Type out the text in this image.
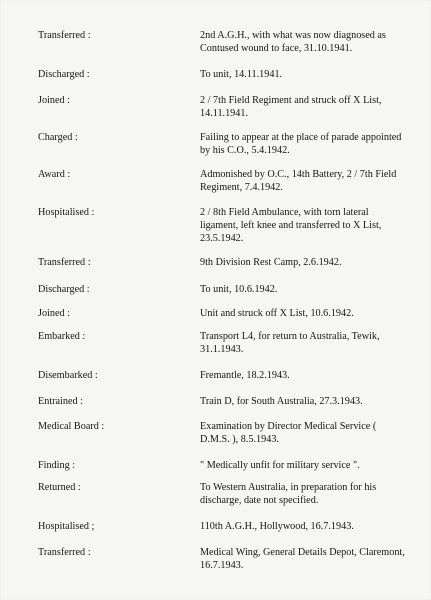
Transferred :	2nd A.G.H., with what was now diagnosed as Contused wound to face, 31.10.1941.
Discharged :	To unit, 14.11.1941.
Joined :	2 / 7th Field Regiment and struck off X List, 14.11.1941.
Charged :	Failing to appear at the place of parade appointed by his C.O., 5.4.1942.
Award :	Admonished by O.C., 14th Battery, 2 / 7th Field Regiment, 7.4.1942.
Hospitalised :	2 / 8th Field Ambulance, with torn lateral ligament, left knee and transferred to X List, 23.5.1942.
Transferred :	9th Division Rest Camp, 2.6.1942.
Discharged :	To unit, 10.6.1942.
Joined :	Unit and struck off X List, 10.6.1942.
Embarked :	Transport L4, for return to Australia, Tewik, 31.1.1943.
Disembarked :	Fremantle, 18.2.1943.
Entrained :	Train D, for South Australia, 27.3.1943.
Medical Board :	Examination by Director Medical Service ( D.M.S. ), 8.5.1943.
Finding :	" Medically unfit for military service ".
Returned :	To Western Australia, in preparation for his discharge, date not specified.
Hospitalised ;	110th A.G.H., Hollywood, 16.7.1943.
Transferred :	Medical Wing, General Details Depot, Claremont, 16.7.1943.
